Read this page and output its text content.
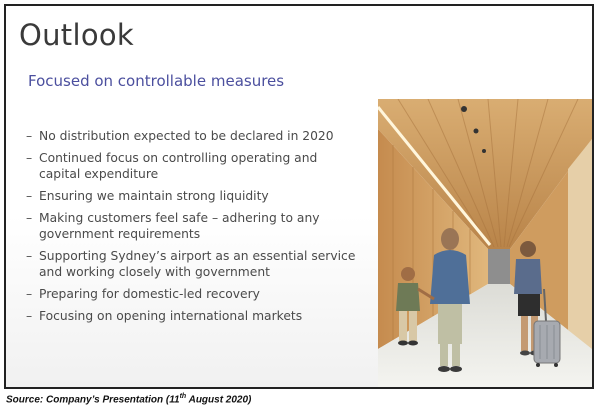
Outlook
Focused on controllable measures
– No distribution expected to be declared in 2020
– Continued focus on controlling operating and capital expenditure
– Ensuring we maintain strong liquidity
– Making customers feel safe – adhering to any government requirements
– Supporting Sydney’s airport as an essential service and working closely with government
– Preparing for domestic-led recovery
– Focusing on opening international markets
Source: Company’s Presentation (11th August 2020)
